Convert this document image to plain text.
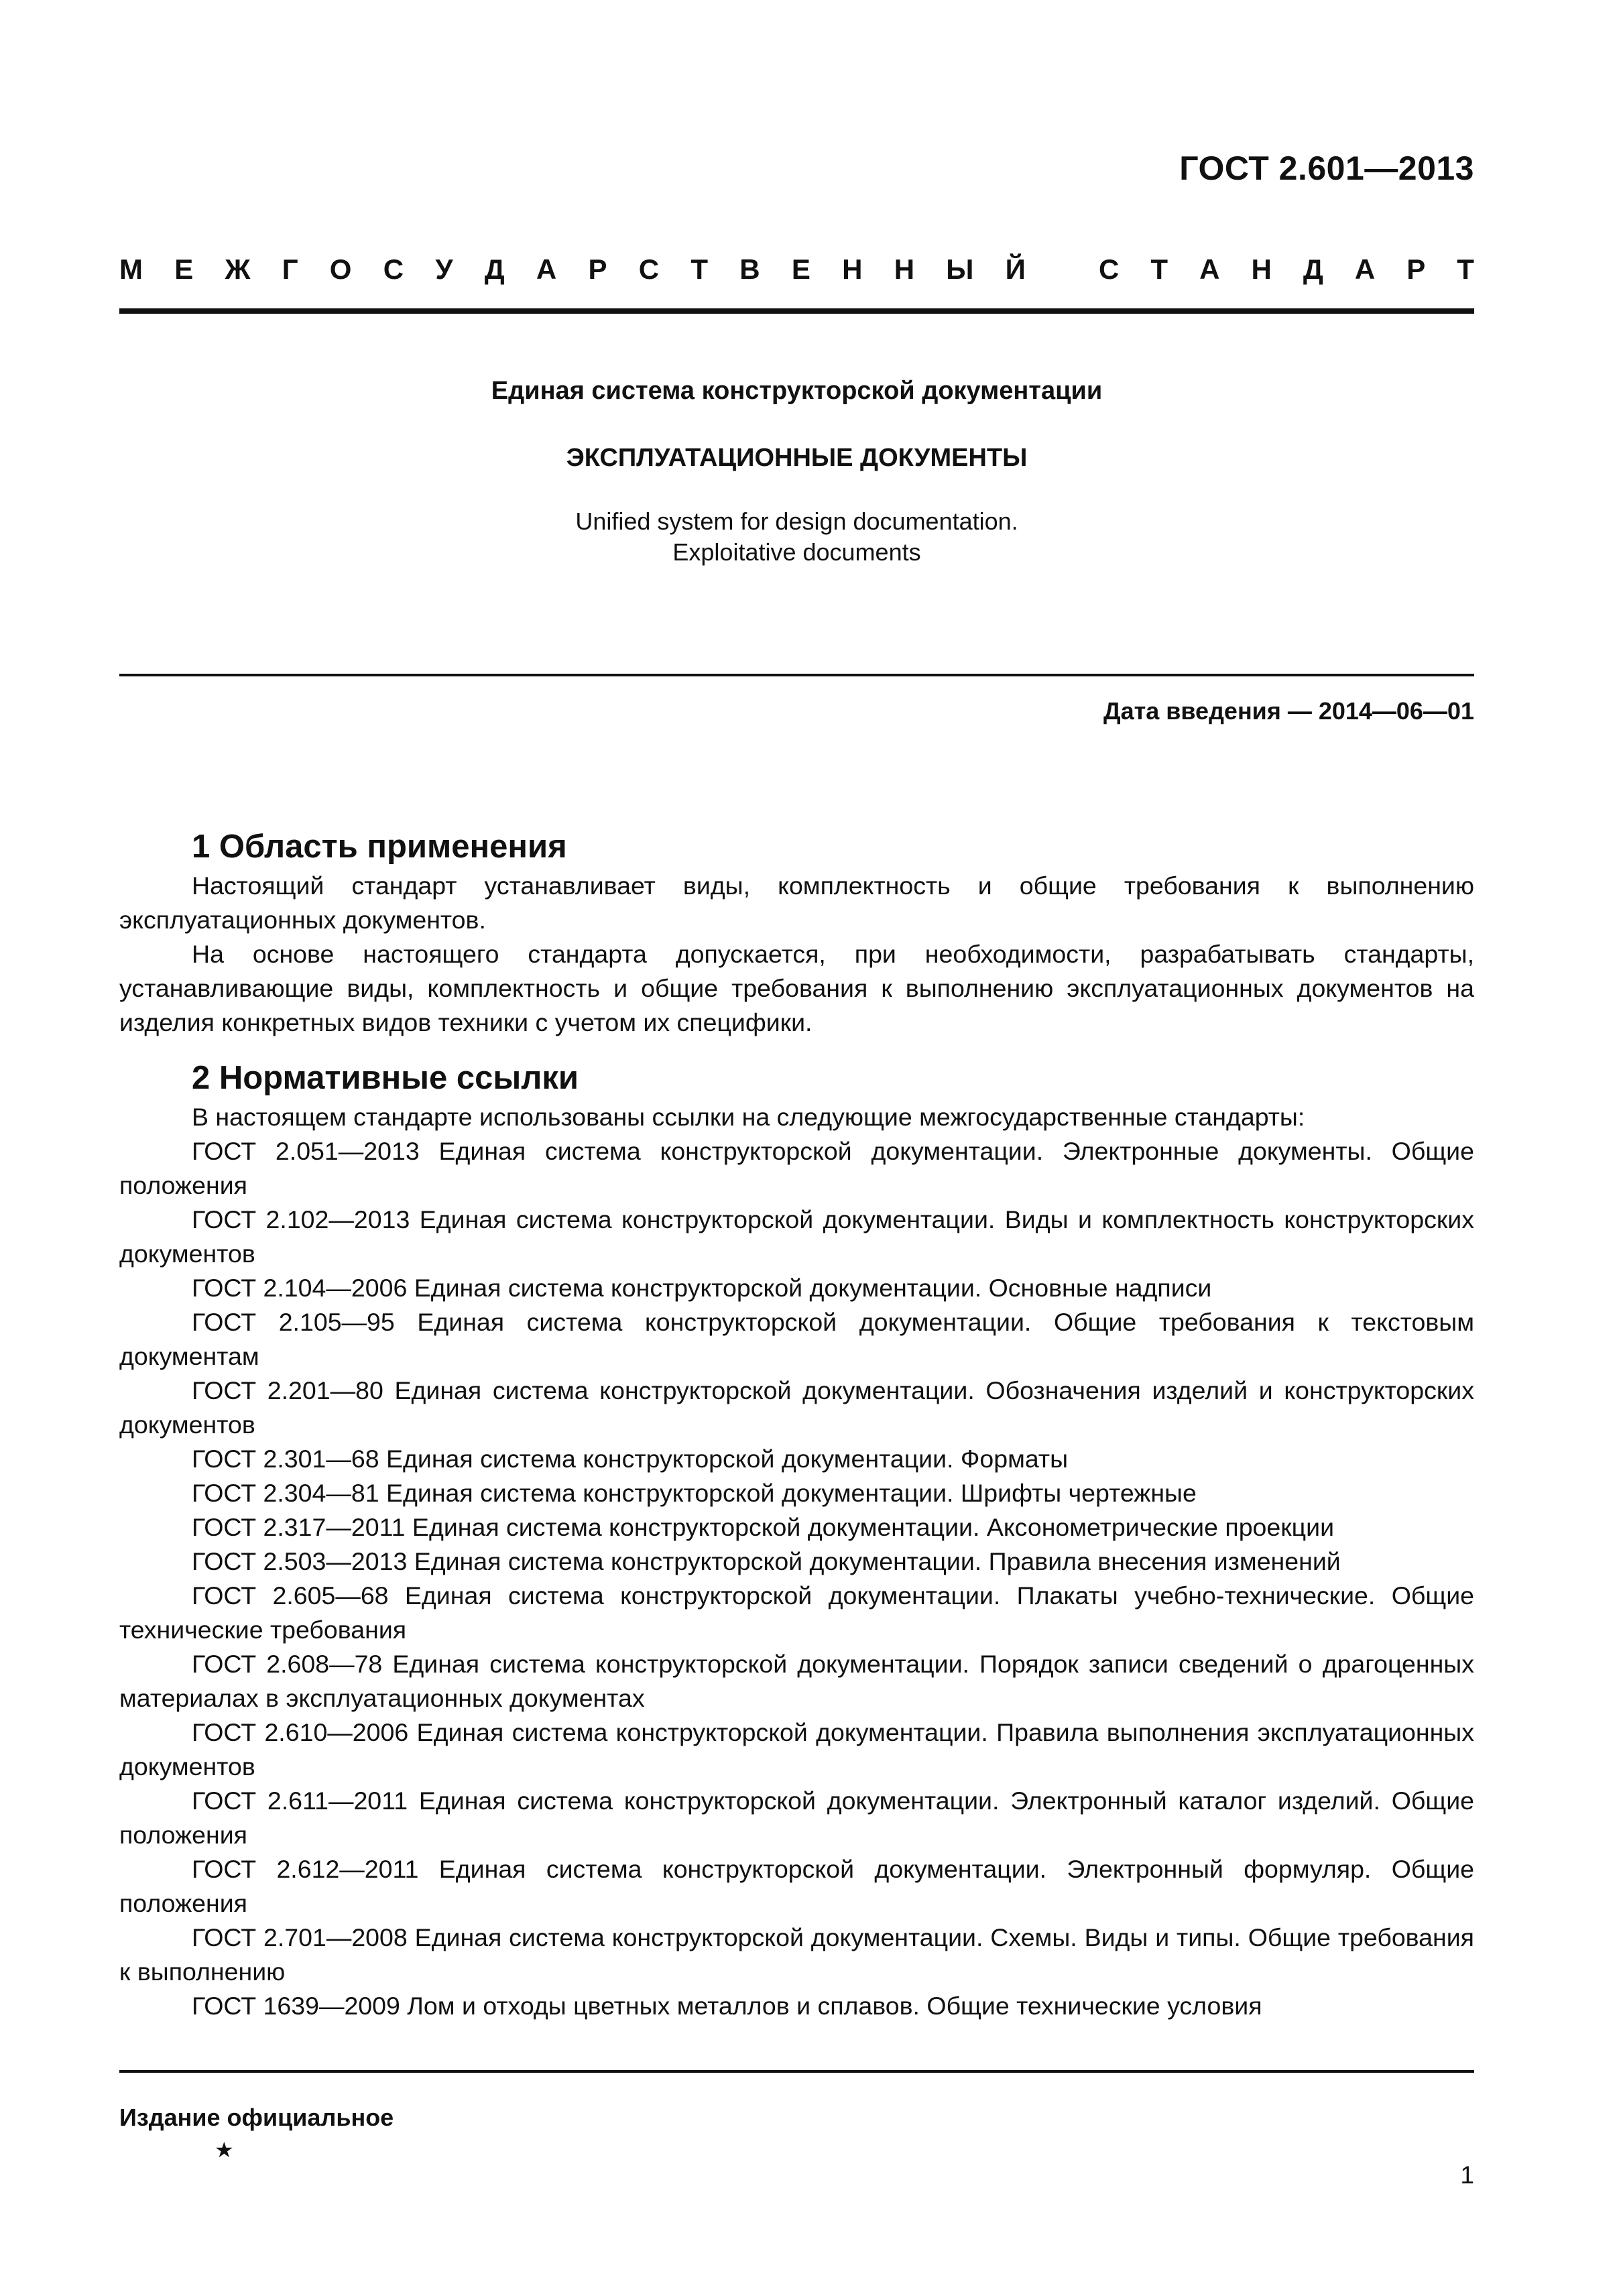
ГОСТ 2.601—2013
М Е Ж Г О С У Д А Р С Т В Е Н Н Ы Й	С Т А Н Д А Р Т
Единая система конструкторской документации
ЭКСПЛУАТАЦИОННЫЕ ДОКУМЕНТЫ
Unified system for design documentation.
Exploitative documents
Дата введения — 2014—06—01
1 Область применения

Настоящий стандарт устанавливает виды, комплектность и общие требования к выполнению эксплуатационных документов.

На основе настоящего стандарта допускается, при необходимости, разрабатывать стандарты, устанавливающие виды, комплектность и общие требования к выполнению эксплуатационных документов на изделия конкретных видов техники с учетом их специфики.

2 Нормативные ссылки

В настоящем стандарте использованы ссылки на следующие межгосударственные стандарты:

ГОСТ 2.051—2013 Единая система конструкторской документации. Электронные документы. Общие положения

ГОСТ 2.102—2013 Единая система конструкторской документации. Виды и комплектность конструкторских документов

ГОСТ 2.104—2006 Единая система конструкторской документации. Основные надписи

ГОСТ 2.105—95 Единая система конструкторской документации. Общие требования к текстовым документам

ГОСТ 2.201—80 Единая система конструкторской документации. Обозначения изделий и конструкторских документов

ГОСТ 2.301—68 Единая система конструкторской документации. Форматы

ГОСТ 2.304—81 Единая система конструкторской документации. Шрифты чертежные

ГОСТ 2.317—2011 Единая система конструкторской документации. Аксонометрические проекции

ГОСТ 2.503—2013 Единая система конструкторской документации. Правила внесения изменений

ГОСТ 2.605—68 Единая система конструкторской документации. Плакаты учебно-технические. Общие технические требования

ГОСТ 2.608—78 Единая система конструкторской документации. Порядок записи сведений о драгоценных материалах в эксплуатационных документах

ГОСТ 2.610—2006 Единая система конструкторской документации. Правила выполнения эксплуатационных документов

ГОСТ 2.611—2011 Единая система конструкторской документации. Электронный каталог изделий. Общие положения

ГОСТ 2.612—2011 Единая система конструкторской документации. Электронный формуляр. Общие положения

ГОСТ 2.701—2008 Единая система конструкторской документации. Схемы. Виды и типы. Общие требования к выполнению

ГОСТ 1639—2009 Лом и отходы цветных металлов и сплавов. Общие технические условия

Издание официальное
★
1
